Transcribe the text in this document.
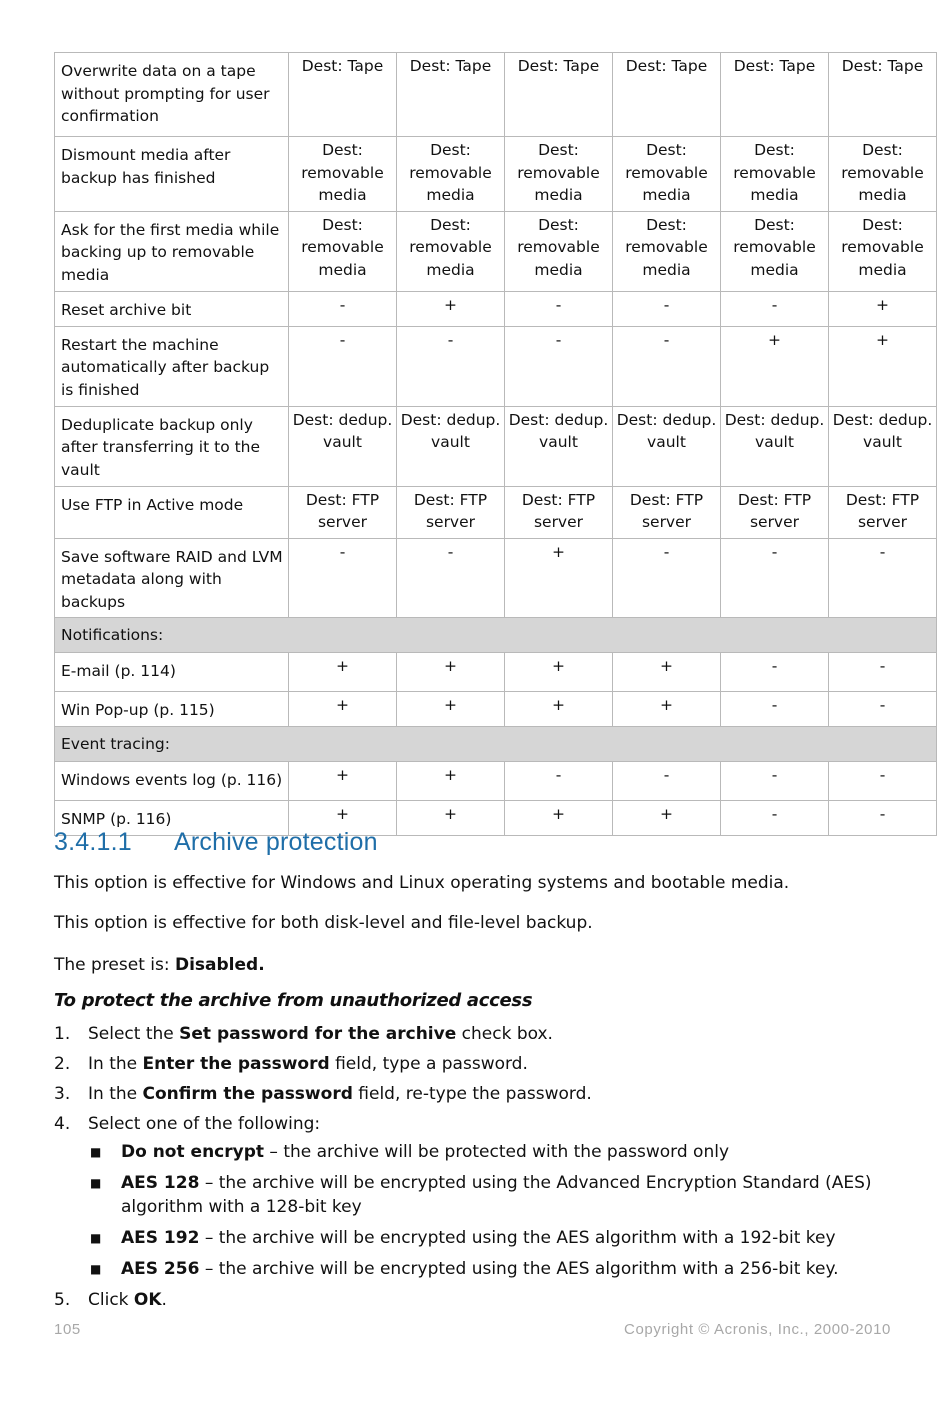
Overwrite data on a tape without prompting for user confirmation	Dest: Tape	Dest: Tape	Dest: Tape	Dest: Tape	Dest: Tape	Dest: Tape
Dismount media after backup has finished	Dest: removable media	Dest: removable media	Dest: removable media	Dest: removable media	Dest: removable media	Dest: removable media
Ask for the first media while backing up to removable media	Dest: removable media	Dest: removable media	Dest: removable media	Dest: removable media	Dest: removable media	Dest: removable media
Reset archive bit	-	+	-	-	-	+
Restart the machine automatically after backup is finished	-	-	-	-	+	+
Deduplicate backup only after transferring it to the vault	Dest: dedup. vault	Dest: dedup. vault	Dest: dedup. vault	Dest: dedup. vault	Dest: dedup. vault	Dest: dedup. vault
Use FTP in Active mode	Dest: FTP server	Dest: FTP server	Dest: FTP server	Dest: FTP server	Dest: FTP server	Dest: FTP server
Save software RAID and LVM metadata along with backups	-	-	+	-	-	-
Notifications:						
E-mail (p. 114)	+	+	+	+	-	-
Win Pop-up (p. 115)	+	+	+	+	-	-
Event tracing:						
Windows events log (p. 116)	+	+	-	-	-	-
SNMP (p. 116)	+	+	+	+	-	-
3.4.1.1 Archive protection

This option is effective for Windows and Linux operating systems and bootable media.

This option is effective for both disk-level and file-level backup.

The preset is: Disabled.

To protect the archive from unauthorized access
1.	Select the Set password for the archive check box.
2.	In the Enter the password field, type a password.
3.	In the Confirm the password field, re-type the password.
4.	Select one of the following:
■	Do not encrypt – the archive will be protected with the password only
■	AES 128 – the archive will be encrypted using the Advanced Encryption Standard (AES) algorithm with a 128-bit key
■	AES 192 – the archive will be encrypted using the AES algorithm with a 192-bit key
■	AES 256 – the archive will be encrypted using the AES algorithm with a 256-bit key.
5.	Click OK.
105	Copyright © Acronis, Inc., 2000-2010
